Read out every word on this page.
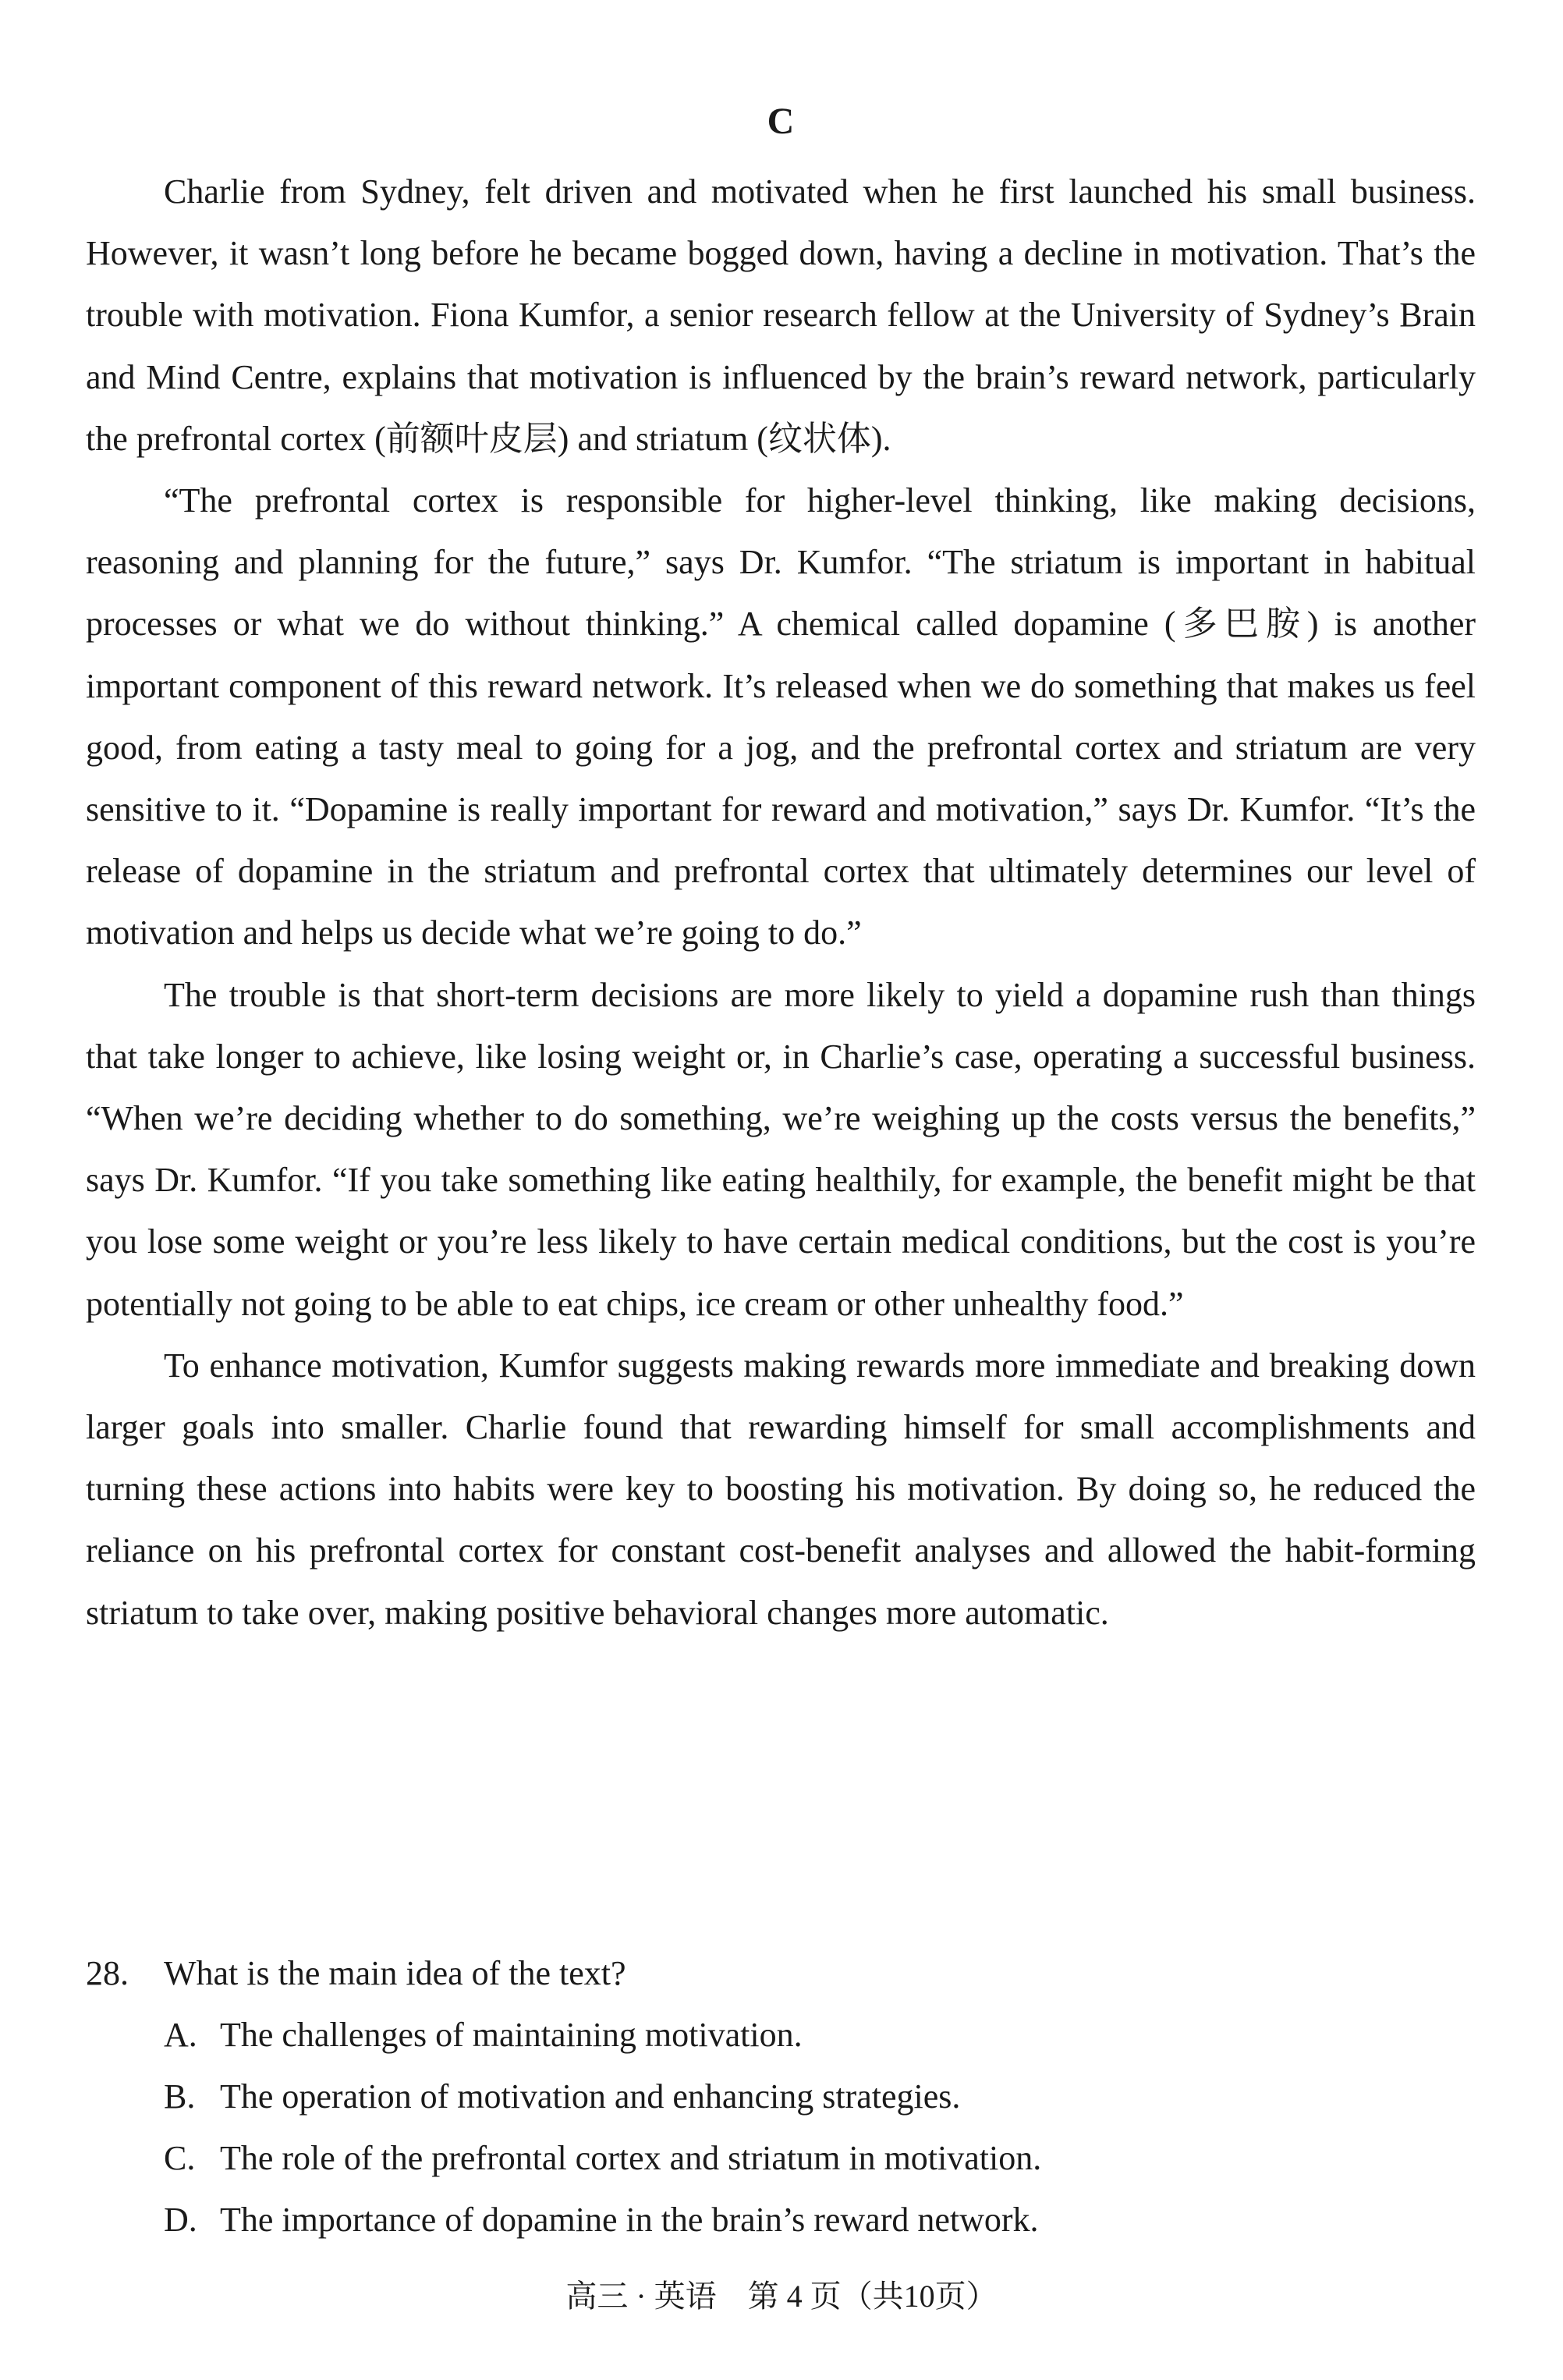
C

Charlie from Sydney, felt driven and motivated when he first launched his small business. However, it wasn’t long before he became bogged down, having a decline in motivation. That’s the trouble with motivation. Fiona Kumfor, a senior research fellow at the University of Sydney’s Brain and Mind Centre, explains that motivation is influenced by the brain’s reward network, particularly the prefrontal cortex (前额叶皮层) and striatum (纹状体).

“The prefrontal cortex is responsible for higher-level thinking, like making decisions, reasoning and planning for the future,” says Dr. Kumfor. “The striatum is important in habitual processes or what we do without thinking.” A chemical called dopamine (多巴胺) is another important component of this reward network. It’s released when we do something that makes us feel good, from eating a tasty meal to going for a jog, and the prefrontal cortex and striatum are very sensitive to it. “Dopamine is really important for reward and motivation,” says Dr. Kumfor. “It’s the release of dopamine in the striatum and prefrontal cortex that ultimately determines our level of motivation and helps us decide what we’re going to do.”

The trouble is that short-term decisions are more likely to yield a dopamine rush than things that take longer to achieve, like losing weight or, in Charlie’s case, operating a successful business. “When we’re deciding whether to do something, we’re weighing up the costs versus the benefits,” says Dr. Kumfor. “If you take something like eating healthily, for example, the benefit might be that you lose some weight or you’re less likely to have certain medical conditions, but the cost is you’re potentially not going to be able to eat chips, ice cream or other unhealthy food.”

To enhance motivation, Kumfor suggests making rewards more immediate and breaking down larger goals into smaller. Charlie found that rewarding himself for small accomplishments and turning these actions into habits were key to boosting his motivation. By doing so, he reduced the reliance on his prefrontal cortex for constant cost-benefit analyses and allowed the habit-forming striatum to take over, making positive behavioral changes more automatic.

28.	What is the main idea of the text?
A. The challenges of maintaining motivation.
B. The operation of motivation and enhancing strategies.
C. The role of the prefrontal cortex and striatum in motivation.
D. The importance of dopamine in the brain’s reward network.
高三 · 英语　第 4 页（共10页）
